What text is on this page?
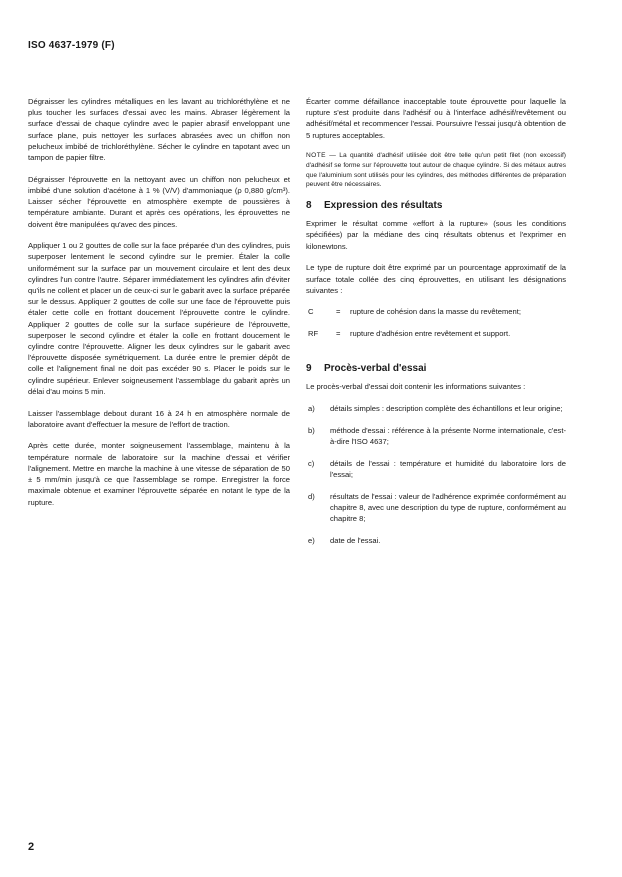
ISO 4637-1979 (F)

Dégraisser les cylindres métalliques en les lavant au trichloréthylène et ne plus toucher les surfaces d'essai avec les mains. Abraser légèrement la surface d'essai de chaque cylindre avec le papier abrasif enveloppant une surface plane, puis nettoyer les surfaces abrasées avec un chiffon non pelucheux imbibé de trichloréthylène. Sécher le cylindre en tapotant avec un tampon de papier filtre.

Dégraisser l'éprouvette en la nettoyant avec un chiffon non pelucheux et imbibé d'une solution d'acétone à 1 % (V/V) d'ammoniaque (ρ 0,880 g/cm³). Laisser sécher l'éprouvette en atmosphère exempte de poussières à température ambiante. Durant et après ces opérations, les éprouvettes ne doivent être manipulées qu'avec des pinces.

Appliquer 1 ou 2 gouttes de colle sur la face préparée d'un des cylindres, puis superposer lentement le second cylindre sur le premier. Étaler la colle uniformément sur la surface par un mouvement circulaire et lent des deux cylindres l'un contre l'autre. Séparer immédiatement les cylindres afin d'éviter qu'ils ne collent et placer un de ceux-ci sur le gabarit avec la surface préparée sur le dessus. Appliquer 2 gouttes de colle sur une face de l'éprouvette puis étaler cette colle en frottant doucement l'éprouvette contre le cylindre. Appliquer 2 gouttes de colle sur la surface supérieure de l'éprouvette, superposer le second cylindre et étaler la colle en frottant doucement le cylindre contre l'éprouvette. Aligner les deux cylindres sur le gabarit avec l'éprouvette disposée symétriquement. La durée entre le premier dépôt de colle et l'alignement final ne doit pas excéder 90 s. Placer le poids sur le cylindre supérieur. Enlever soigneusement l'assemblage du gabarit après un délai d'au moins 5 min.

Laisser l'assemblage debout durant 16 à 24 h en atmosphère normale de laboratoire avant d'effectuer la mesure de l'effort de traction.

Après cette durée, monter soigneusement l'assemblage, maintenu à la température normale de laboratoire sur la machine d'essai et vérifier l'alignement. Mettre en marche la machine à une vitesse de séparation de 50 ± 5 mm/min jusqu'à ce que l'assemblage se rompe. Enregistrer la force maximale obtenue et examiner l'éprouvette séparée en notant le type de la rupture.

Écarter comme défaillance inacceptable toute éprouvette pour laquelle la rupture s'est produite dans l'adhésif ou à l'interface adhésif/revêtement ou adhésif/métal et recommencer l'essai. Poursuivre l'essai jusqu'à obtention de 5 ruptures acceptables.

NOTE — La quantité d'adhésif utilisée doit être telle qu'un petit filet (non excessif) d'adhésif se forme sur l'éprouvette tout autour de chaque cylindre. Si des métaux autres que l'aluminium sont utilisés pour les cylindres, des méthodes différentes de préparation peuvent être nécessaires.

8 Expression des résultats

Exprimer le résultat comme «effort à la rupture» (sous les conditions spécifiées) par la médiane des cinq résultats obtenus et l'exprimer en kilonewtons.

Le type de rupture doit être exprimé par un pourcentage approximatif de la surface totale collée des cinq éprouvettes, en utilisant les désignations suivantes :

C	=	rupture de cohésion dans la masse du revêtement;
RF	=	rupture d'adhésion entre revêtement et support.
9 Procès-verbal d'essai

Le procès-verbal d'essai doit contenir les informations suivantes :

a)	détails simples : description complète des échantillons et leur origine;
b)	méthode d'essai : référence à la présente Norme internationale, c'est-à-dire l'ISO 4637;
c)	détails de l'essai : température et humidité du laboratoire lors de l'essai;
d)	résultats de l'essai : valeur de l'adhérence exprimée conformément au chapitre 8, avec une description du type de rupture, conformément au chapitre 8;
e)	date de l'essai.
2
